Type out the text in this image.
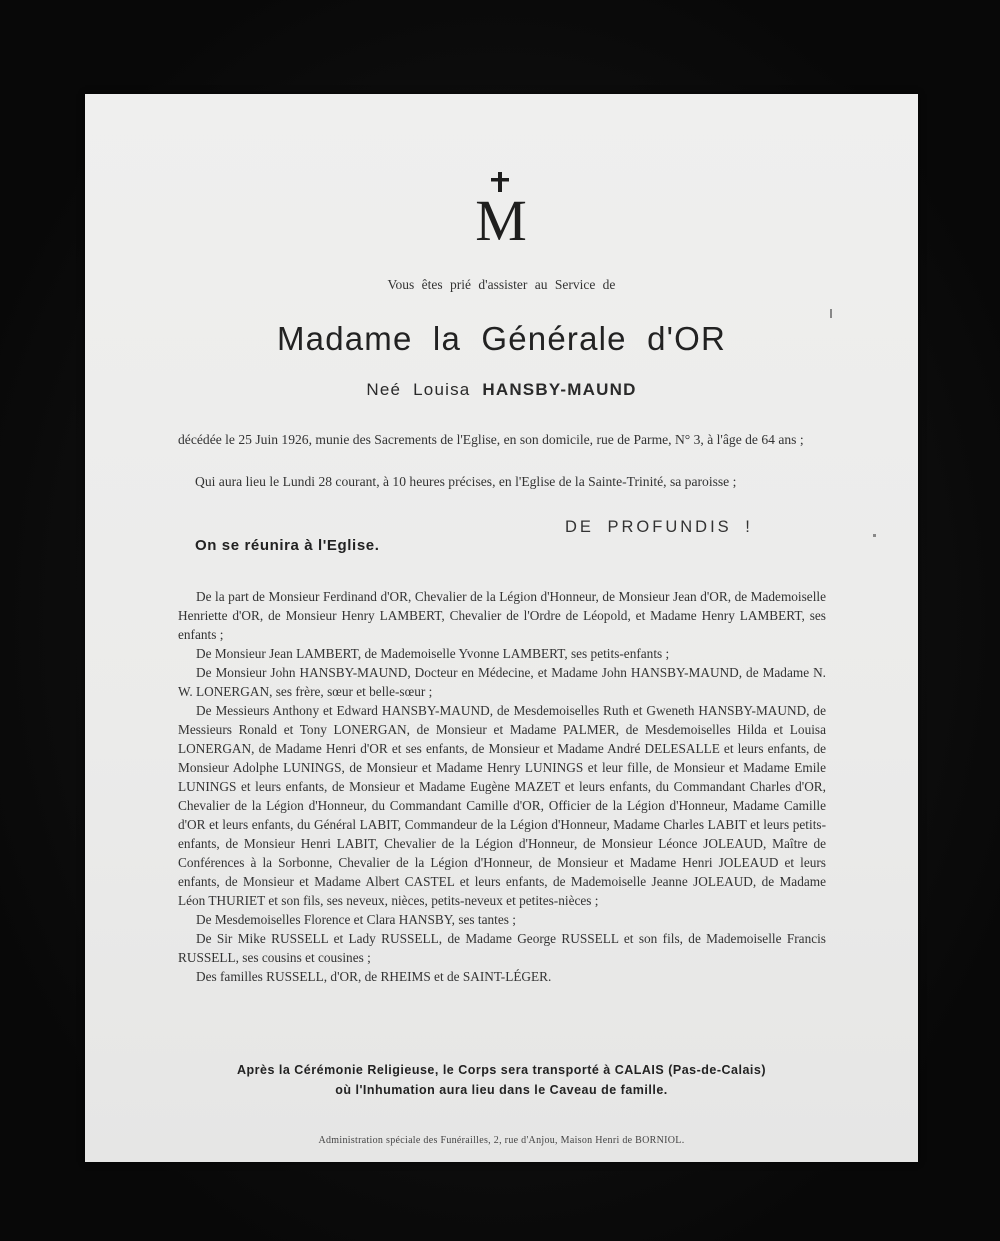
M
Vous êtes prié d'assister au Service de
Madame la Générale d'OR
Neé Louisa HANSBY-MAUND
décédée le 25 Juin 1926, munie des Sacrements de l'Eglise, en son domicile, rue de Parme, N° 3, à l'âge de 64 ans ;
Qui aura lieu le Lundi 28 courant, à 10 heures précises, en l'Eglise de la Sainte-Trinité, sa paroisse ;
DE PROFUNDIS !
On se réunira à l'Eglise.

De la part de Monsieur Ferdinand d'OR, Chevalier de la Légion d'Honneur, de Monsieur Jean d'OR, de Mademoiselle Henriette d'OR, de Monsieur Henry LAMBERT, Chevalier de l'Ordre de Léopold, et Madame Henry LAMBERT, ses enfants ;

De Monsieur Jean LAMBERT, de Mademoiselle Yvonne LAMBERT, ses petits-enfants ;

De Monsieur John HANSBY-MAUND, Docteur en Médecine, et Madame John HANSBY-MAUND, de Madame N. W. LONERGAN, ses frère, sœur et belle-sœur ;

De Messieurs Anthony et Edward HANSBY-MAUND, de Mesdemoiselles Ruth et Gweneth HANSBY-MAUND, de Messieurs Ronald et Tony LONERGAN, de Monsieur et Madame PALMER, de Mesdemoiselles Hilda et Louisa LONERGAN, de Madame Henri d'OR et ses enfants, de Monsieur et Madame André DELESALLE et leurs enfants, de Monsieur Adolphe LUNINGS, de Monsieur et Madame Henry LUNINGS et leur fille, de Monsieur et Madame Emile LUNINGS et leurs enfants, de Monsieur et Madame Eugène MAZET et leurs enfants, du Commandant Charles d'OR, Chevalier de la Légion d'Honneur, du Commandant Camille d'OR, Officier de la Légion d'Honneur, Madame Camille d'OR et leurs enfants, du Général LABIT, Commandeur de la Légion d'Honneur, Madame Charles LABIT et leurs petits-enfants, de Monsieur Henri LABIT, Chevalier de la Légion d'Honneur, de Monsieur Léonce JOLEAUD, Maître de Conférences à la Sorbonne, Chevalier de la Légion d'Honneur, de Monsieur et Madame Henri JOLEAUD et leurs enfants, de Monsieur et Madame Albert CASTEL et leurs enfants, de Mademoiselle Jeanne JOLEAUD, de Madame Léon THURIET et son fils, ses neveux, nièces, petits-neveux et petites-nièces ;

De Mesdemoiselles Florence et Clara HANSBY, ses tantes ;

De Sir Mike RUSSELL et Lady RUSSELL, de Madame George RUSSELL et son fils, de Mademoiselle Francis RUSSELL, ses cousins et cousines ;

Des familles RUSSELL, d'OR, de RHEIMS et de SAINT-LÉGER.

Après la Cérémonie Religieuse, le Corps sera transporté à CALAIS (Pas-de-Calais)
où l'Inhumation aura lieu dans le Caveau de famille.
Administration spéciale des Funérailles, 2, rue d'Anjou, Maison Henri de BORNIOL.
